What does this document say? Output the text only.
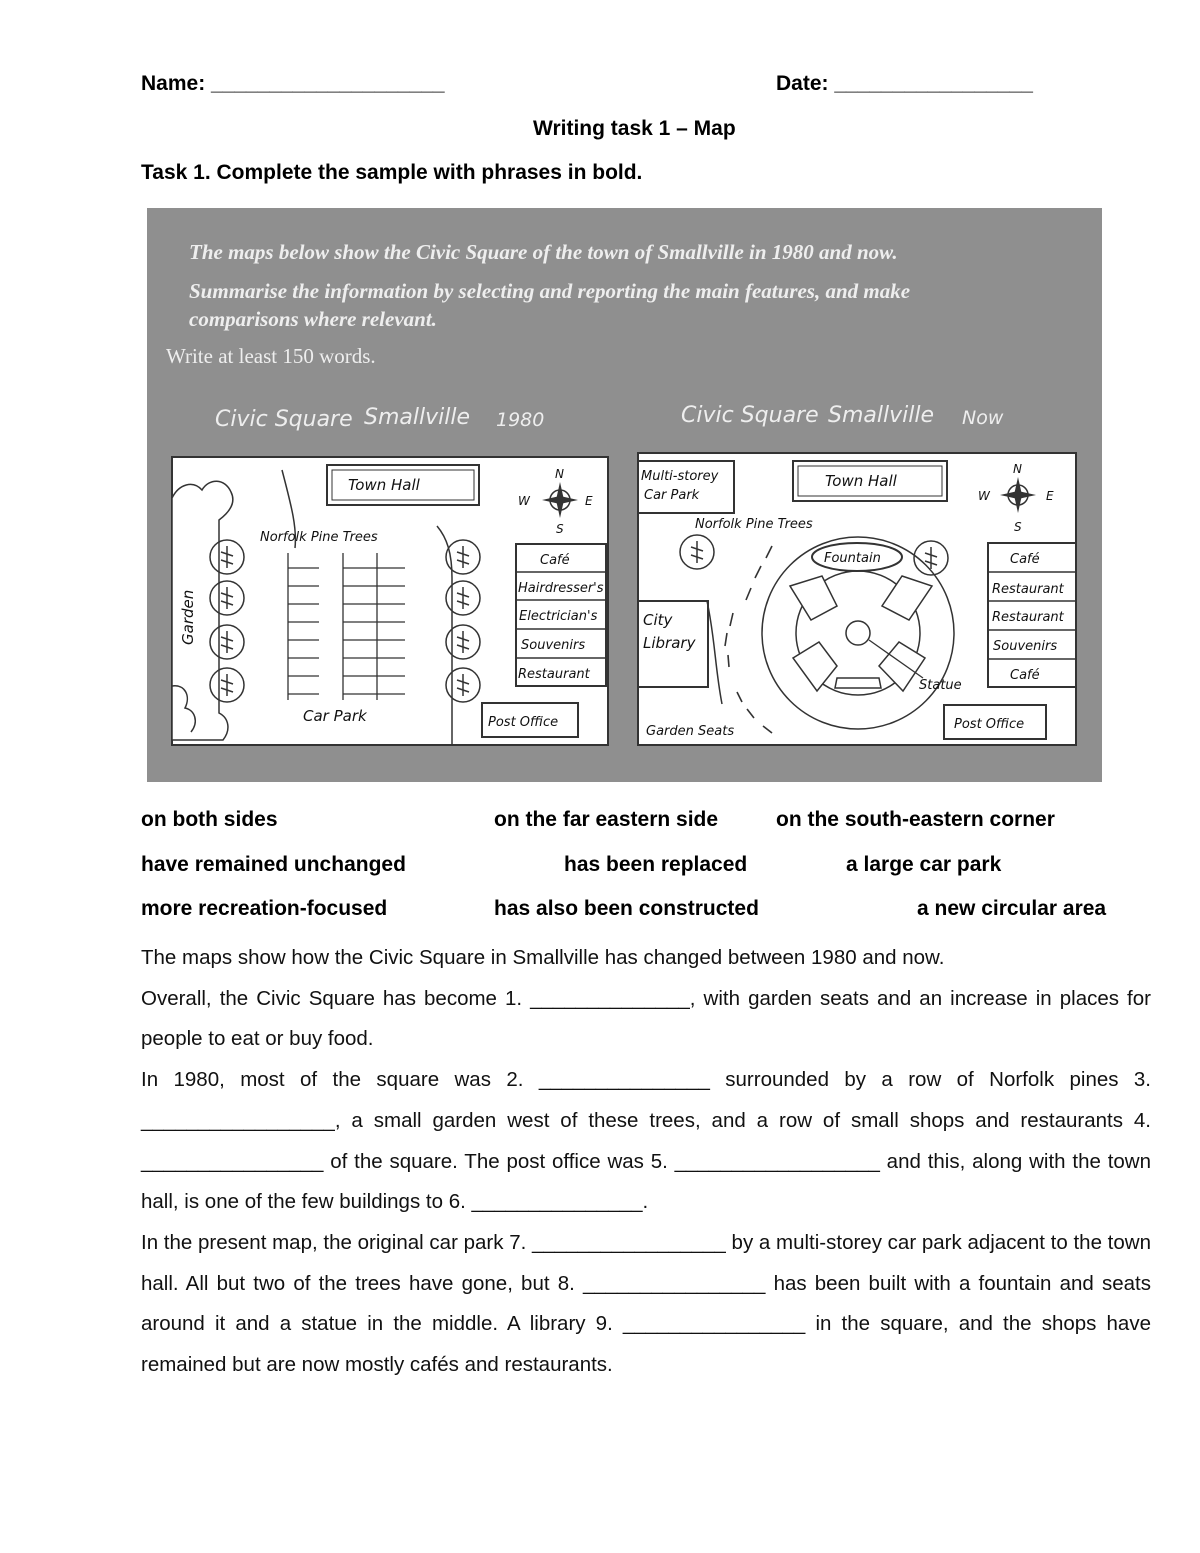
Name: ____________________	Date: _________________
Writing task 1 – Map
Task 1. Complete the sample with phrases in bold.
The maps below show the Civic Square of the town of Smallville in 1980 and now.
Summarise the information by selecting and reporting the main features, and make
comparisons where relevant.
Write at least 150 words.
Civic Square Smallville 1980	Civic Square Smallville Now
Garden
Town Hall
Norfolk Pine Trees
Car Park
N
S
E
W
Café
Hairdresser's
Electrician's
Souvenirs
Restaurant
Post Office
Multi-storey
Car Park
Town Hall
Norfolk Pine Trees
Fountain
City
Library
Garden Seats
Statue
N
S
E
W
Café
Restaurant
Restaurant
Souvenirs
Café
Post Office
on both sides	on the far eastern side	on the south-eastern corner
have remained unchanged	has been replaced	a large car park
more recreation-focused	has also been constructed	a new circular area

The maps show how the Civic Square in Smallville has changed between 1980 and now.

Overall, the Civic Square has become 1. ______________, with garden seats and an increase in places for people to eat or buy food.

In 1980, most of the square was 2. _______________ surrounded by a row of Norfolk pines 3. _________________, a small garden west of these trees, and a row of small shops and restaurants 4. ________________ of the square. The post office was 5. __________________ and this, along with the town hall, is one of the few buildings to 6. _______________.

In the present map, the original car park 7. _________________ by a multi-storey car park adjacent to the town hall. All but two of the trees have gone, but 8. ________________ has been built with a fountain and seats around it and a statue in the middle. A library 9. ________________ in the square, and the shops have remained but are now mostly cafés and restaurants.
